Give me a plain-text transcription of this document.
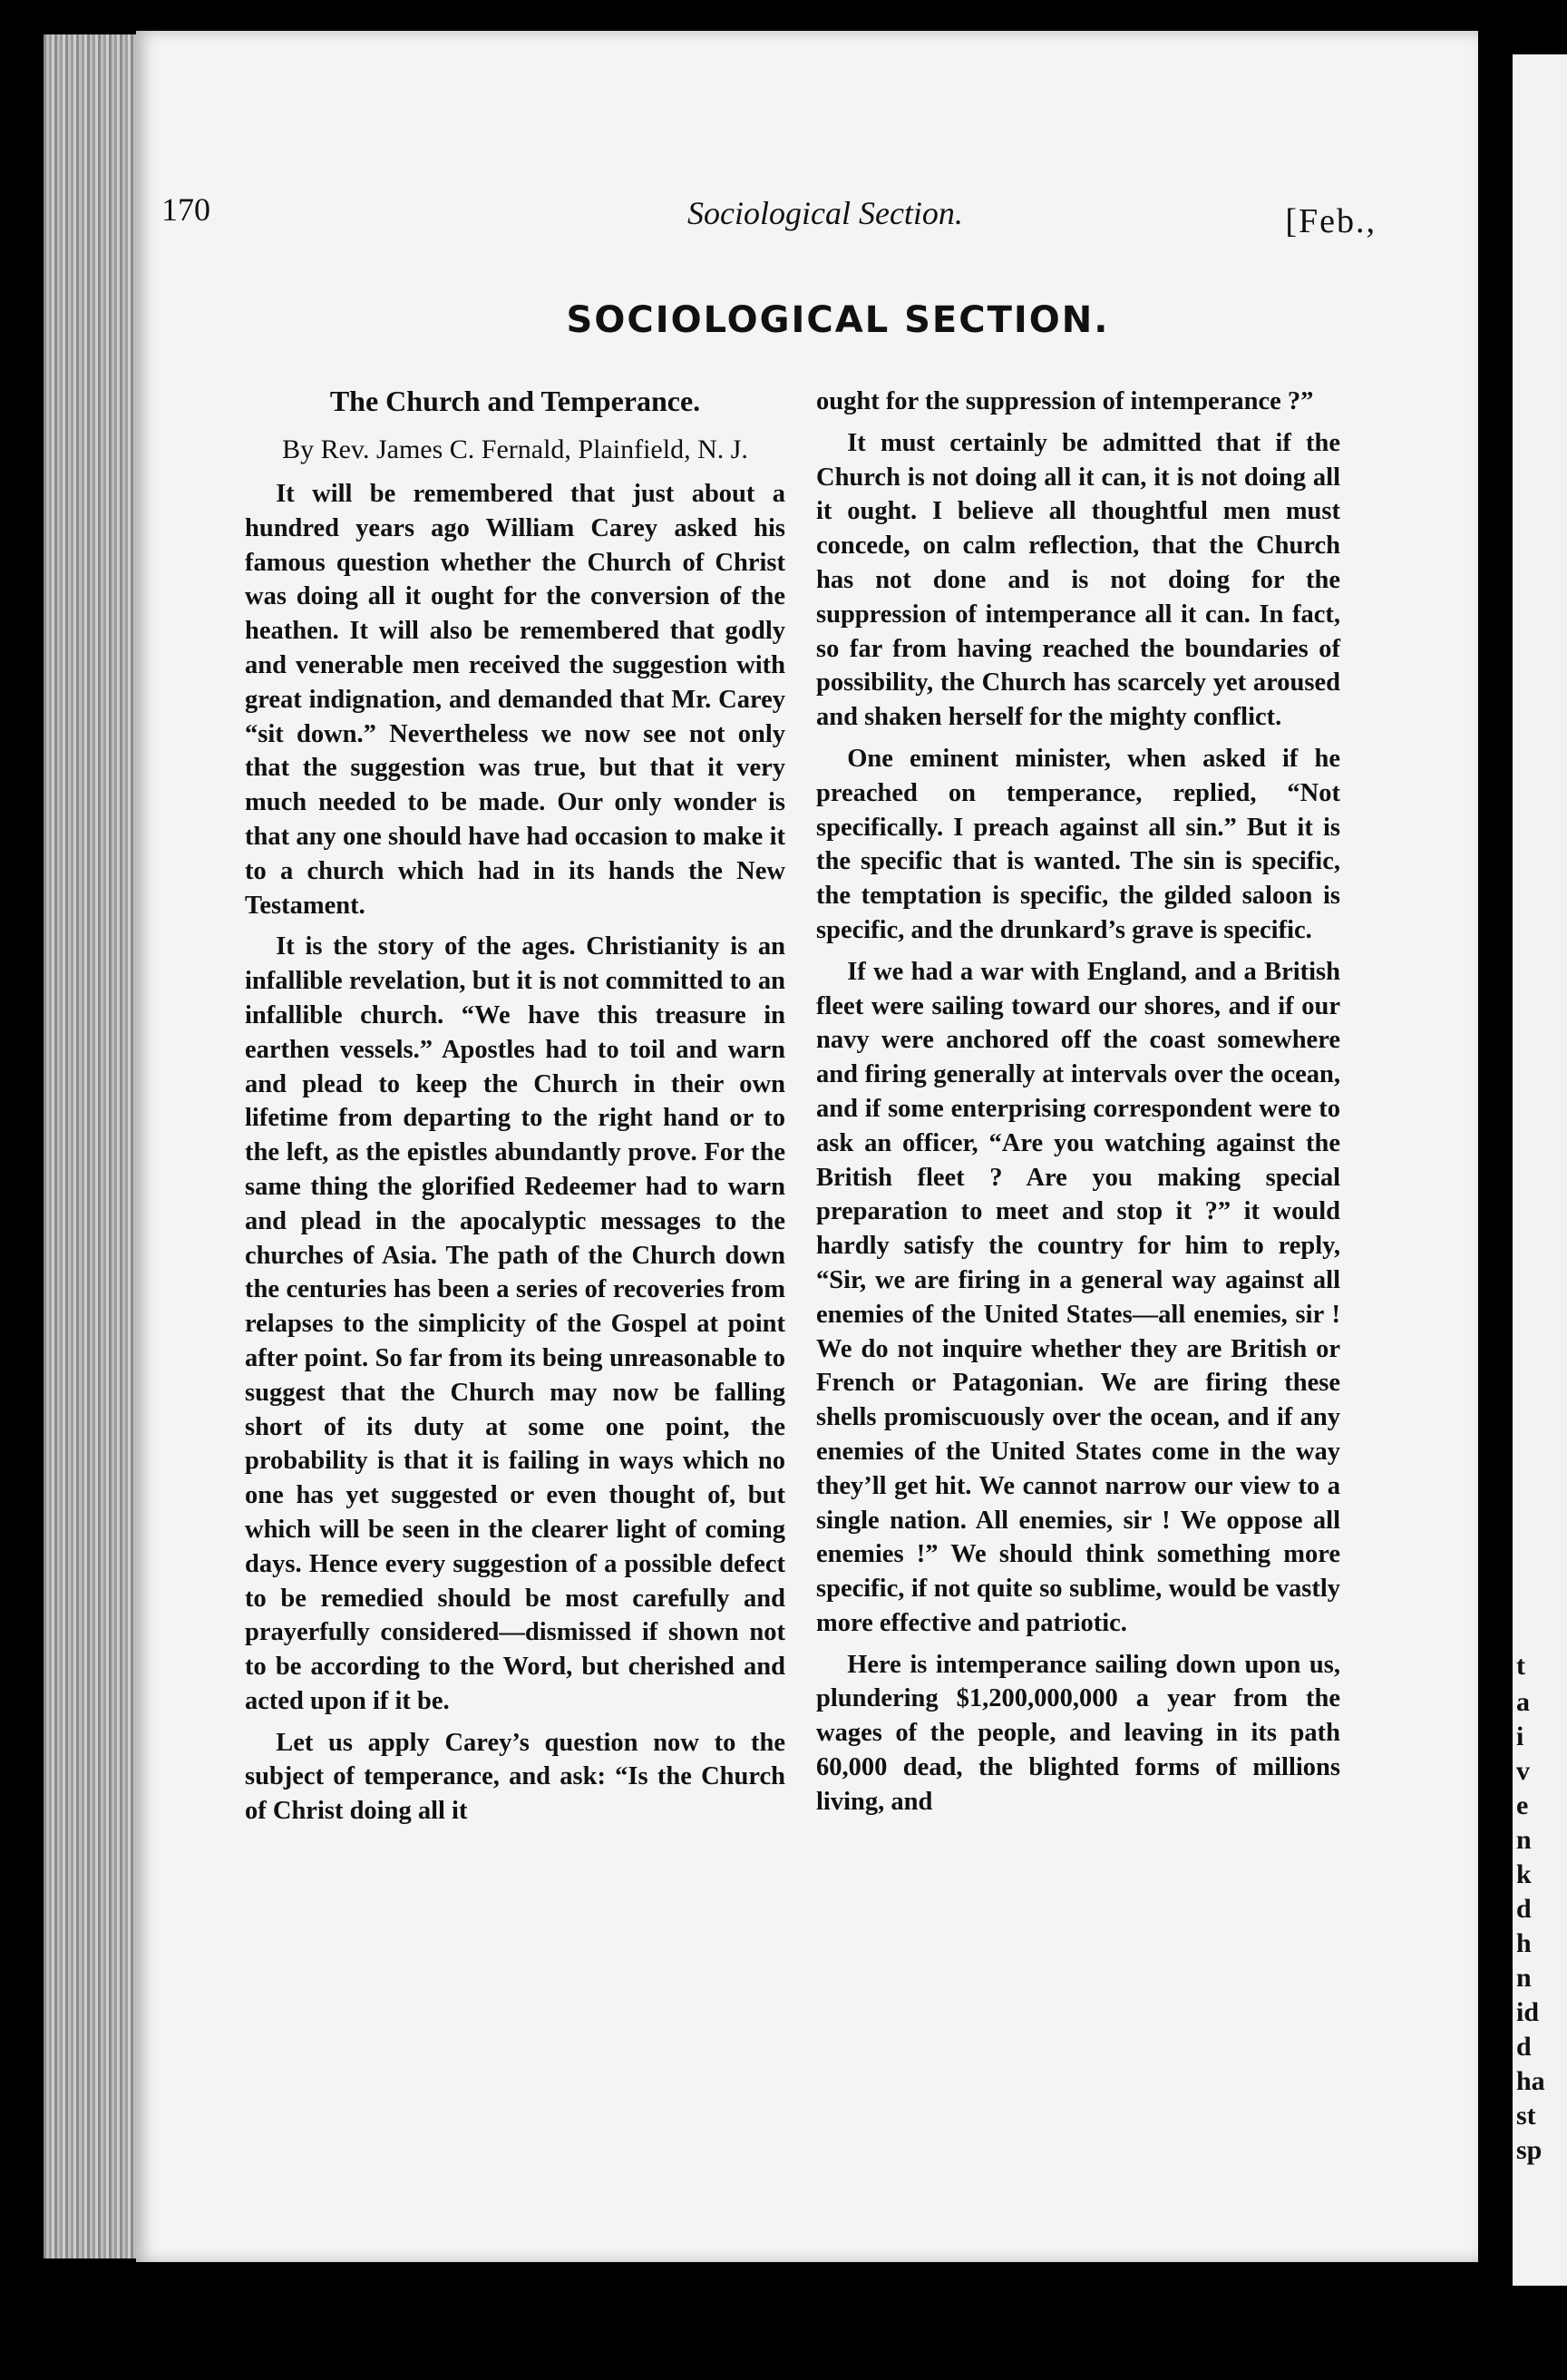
t
a
i
v
e
n
k
d
h
n
id
d
ha
st
sp
170	Sociological Section.	[Feb.,
SOCIOLOGICAL SECTION.
The Church and Temperance.
By Rev. James C. Fernald, Plainfield, N. J.

It will be remembered that just about a hundred years ago William Carey asked his famous question whether the Church of Christ was doing all it ought for the conversion of the heathen. It will also be remembered that godly and venerable men received the suggestion with great indignation, and demanded that Mr. Carey “sit down.” Nevertheless we now see not only that the suggestion was true, but that it very much needed to be made. Our only wonder is that any one should have had occasion to make it to a church which had in its hands the New Testament.

It is the story of the ages. Christianity is an infallible revelation, but it is not committed to an infallible church. “We have this treasure in earthen vessels.” Apostles had to toil and warn and plead to keep the Church in their own lifetime from departing to the right hand or to the left, as the epistles abundantly prove. For the same thing the glorified Redeemer had to warn and plead in the apocalyptic messages to the churches of Asia. The path of the Church down the centuries has been a series of recoveries from relapses to the simplicity of the Gospel at point after point. So far from its being unreasonable to suggest that the Church may now be falling short of its duty at some one point, the probability is that it is failing in ways which no one has yet suggested or even thought of, but which will be seen in the clearer light of coming days. Hence every suggestion of a possible defect to be remedied should be most carefully and prayerfully considered—dismissed if shown not to be according to the Word, but cherished and acted upon if it be.

Let us apply Carey’s question now to the subject of temperance, and ask: “Is the Church of Christ doing all it

ought for the suppression of intemperance ?”

It must certainly be admitted that if the Church is not doing all it can, it is not doing all it ought. I believe all thoughtful men must concede, on calm reflection, that the Church has not done and is not doing for the suppression of intemperance all it can. In fact, so far from having reached the boundaries of possibility, the Church has scarcely yet aroused and shaken herself for the mighty conflict.

One eminent minister, when asked if he preached on temperance, replied, “Not specifically. I preach against all sin.” But it is the specific that is wanted. The sin is specific, the temptation is specific, the gilded saloon is specific, and the drunkard’s grave is specific.

If we had a war with England, and a British fleet were sailing toward our shores, and if our navy were anchored off the coast somewhere and firing generally at intervals over the ocean, and if some enterprising correspondent were to ask an officer, “Are you watching against the British fleet ? Are you making special preparation to meet and stop it ?” it would hardly satisfy the country for him to reply, “Sir, we are firing in a general way against all enemies of the United States—all enemies, sir ! We do not inquire whether they are British or French or Patagonian. We are firing these shells promiscuously over the ocean, and if any enemies of the United States come in the way they’ll get hit. We cannot narrow our view to a single nation. All enemies, sir ! We oppose all enemies !” We should think something more specific, if not quite so sublime, would be vastly more effective and patriotic.

Here is intemperance sailing down upon us, plundering $1,200,000,000 a year from the wages of the people, and leaving in its path 60,000 dead, the blighted forms of millions living, and
